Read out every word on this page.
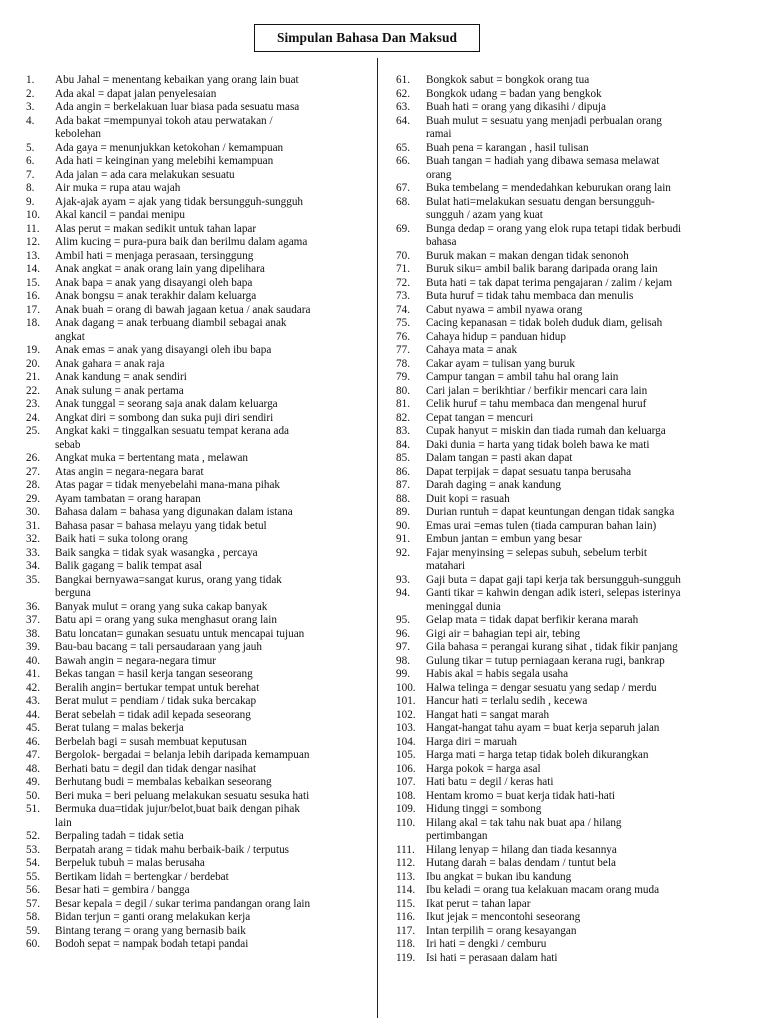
Simpulan Bahasa Dan Maksud
1.	Abu Jahal = menentang kebaikan yang orang lain buat
2.	Ada akal = dapat jalan penyelesaian
3.	Ada angin = berkelakuan luar biasa pada sesuatu masa
4.	Ada bakat =mempunyai tokoh atau perwatakan /
kebolehan
5.	Ada gaya = menunjukkan ketokohan / kemampuan
6.	Ada hati = keinginan yang melebihi kemampuan
7.	Ada jalan = ada cara melakukan sesuatu
8.	Air muka = rupa atau wajah
9.	Ajak-ajak ayam = ajak yang tidak bersungguh-sungguh
10.	Akal kancil = pandai menipu
11.	Alas perut = makan sedikit untuk tahan lapar
12.	Alim kucing = pura-pura baik dan berilmu dalam agama
13.	Ambil hati = menjaga perasaan, tersinggung
14.	Anak angkat = anak orang lain yang dipelihara
15.	Anak bapa = anak yang disayangi oleh bapa
16.	Anak bongsu = anak terakhir dalam keluarga
17.	Anak buah = orang di bawah jagaan ketua / anak saudara
18.	Anak dagang = anak terbuang diambil sebagai anak
angkat
19.	Anak emas = anak yang disayangi oleh ibu bapa
20.	Anak gahara = anak raja
21.	Anak kandung = anak sendiri
22.	Anak sulung = anak pertama
23.	Anak tunggal = seorang saja anak dalam keluarga
24.	Angkat diri = sombong dan suka puji diri sendiri
25.	Angkat kaki = tinggalkan sesuatu tempat kerana ada
sebab
26.	Angkat muka = bertentang mata , melawan
27.	Atas angin = negara-negara barat
28.	Atas pagar = tidak menyebelahi mana-mana pihak
29.	Ayam tambatan = orang harapan
30.	Bahasa dalam = bahasa yang digunakan dalam istana
31.	Bahasa pasar = bahasa melayu yang tidak betul
32.	Baik hati = suka tolong orang
33.	Baik sangka = tidak syak wasangka , percaya
34.	Balik gagang = balik tempat asal
35.	Bangkai bernyawa=sangat kurus, orang yang tidak
berguna
36.	Banyak mulut = orang yang suka cakap banyak
37.	Batu api = orang yang suka menghasut orang lain
38.	Batu loncatan= gunakan sesuatu untuk mencapai tujuan
39.	Bau-bau bacang = tali persaudaraan yang jauh
40.	Bawah angin = negara-negara timur
41.	Bekas tangan = hasil kerja tangan seseorang
42.	Beralih angin= bertukar tempat untuk berehat
43.	Berat mulut = pendiam / tidak suka bercakap
44.	Berat sebelah = tidak adil kepada seseorang
45.	Berat tulang = malas bekerja
46.	Berbelah bagi = susah membuat keputusan
47.	Bergolok- bergadai = belanja lebih daripada kemampuan
48.	Berhati batu = degil dan tidak dengar nasihat
49.	Berhutang budi = membalas kebaikan seseorang
50.	Beri muka = beri peluang melakukan sesuatu sesuka hati
51.	Bermuka dua=tidak jujur/belot,buat baik dengan pihak
lain
52.	Berpaling tadah = tidak setia
53.	Berpatah arang = tidak mahu berbaik-baik / terputus
54.	Berpeluk tubuh = malas berusaha
55.	Bertikam lidah = bertengkar / berdebat
56.	Besar hati = gembira / bangga
57.	Besar kepala = degil / sukar terima pandangan orang lain
58.	Bidan terjun = ganti orang melakukan kerja
59.	Bintang terang = orang yang bernasib baik
60.	Bodoh sepat = nampak bodah tetapi pandai
61.	Bongkok sabut = bongkok orang tua
62.	Bongkok udang = badan yang bengkok
63.	Buah hati = orang yang dikasihi / dipuja
64.	Buah mulut = sesuatu yang menjadi perbualan orang
ramai
65.	Buah pena = karangan , hasil tulisan
66.	Buah tangan = hadiah yang dibawa semasa melawat
orang
67.	Buka tembelang = mendedahkan keburukan orang lain
68.	Bulat hati=melakukan sesuatu dengan bersungguh-
sungguh / azam yang kuat
69.	Bunga dedap = orang yang elok rupa tetapi tidak berbudi
bahasa
70.	Buruk makan = makan dengan tidak senonoh
71.	Buruk siku= ambil balik barang daripada orang lain
72.	Buta hati = tak dapat terima pengajaran / zalim / kejam
73.	Buta huruf = tidak tahu membaca dan menulis
74.	Cabut nyawa = ambil nyawa orang
75.	Cacing kepanasan = tidak boleh duduk diam, gelisah
76.	Cahaya hidup = panduan hidup
77.	Cahaya mata = anak
78.	Cakar ayam = tulisan yang buruk
79.	Campur tangan = ambil tahu hal orang lain
80.	Cari jalan = berikhtiar / berfikir mencari cara lain
81.	Celik huruf = tahu membaca dan mengenal huruf
82.	Cepat tangan = mencuri
83.	Cupak hanyut = miskin dan tiada rumah dan keluarga
84.	Daki dunia = harta yang tidak boleh bawa ke mati
85.	Dalam tangan = pasti akan dapat
86.	Dapat terpijak = dapat sesuatu tanpa berusaha
87.	Darah daging = anak kandung
88.	Duit kopi = rasuah
89.	Durian runtuh = dapat keuntungan dengan tidak sangka
90.	Emas urai =emas tulen (tiada campuran bahan lain)
91.	Embun jantan = embun yang besar
92.	Fajar menyinsing = selepas subuh, sebelum terbit
matahari
93.	Gaji buta = dapat gaji tapi kerja tak bersungguh-sungguh
94.	Ganti tikar = kahwin dengan adik isteri, selepas isterinya
meninggal dunia
95.	Gelap mata = tidak dapat berfikir kerana marah
96.	Gigi air = bahagian tepi air, tebing
97.	Gila bahasa = perangai kurang sihat , tidak fikir panjang
98.	Gulung tikar = tutup perniagaan kerana rugi, bankrap
99.	Habis akal = habis segala usaha
100. Halwa telinga = dengar sesuatu yang sedap / merdu
101. Hancur hati = terlalu sedih , kecewa
102. Hangat hati = sangat marah
103. Hangat-hangat tahu ayam = buat kerja separuh jalan
104. Harga diri = maruah
105. Harga mati = harga tetap tidak boleh dikurangkan
106. Harga pokok = harga asal
107. Hati batu = degil / keras hati
108. Hentam kromo = buat kerja tidak hati-hati
109. Hidung tinggi = sombong
110. Hilang akal = tak tahu nak buat apa / hilang
pertimbangan
111.	Hilang lenyap = hilang dan tiada kesannya
112. Hutang darah = balas dendam / tuntut bela
113. Ibu angkat = bukan ibu kandung
114. Ibu keladi = orang tua kelakuan macam orang muda
115. Ikat perut = tahan lapar
116. Ikut jejak = mencontohi seseorang
117. Intan terpilih = orang kesayangan
118. Iri hati = dengki / cemburu
119. Isi hati = perasaan dalam hati
